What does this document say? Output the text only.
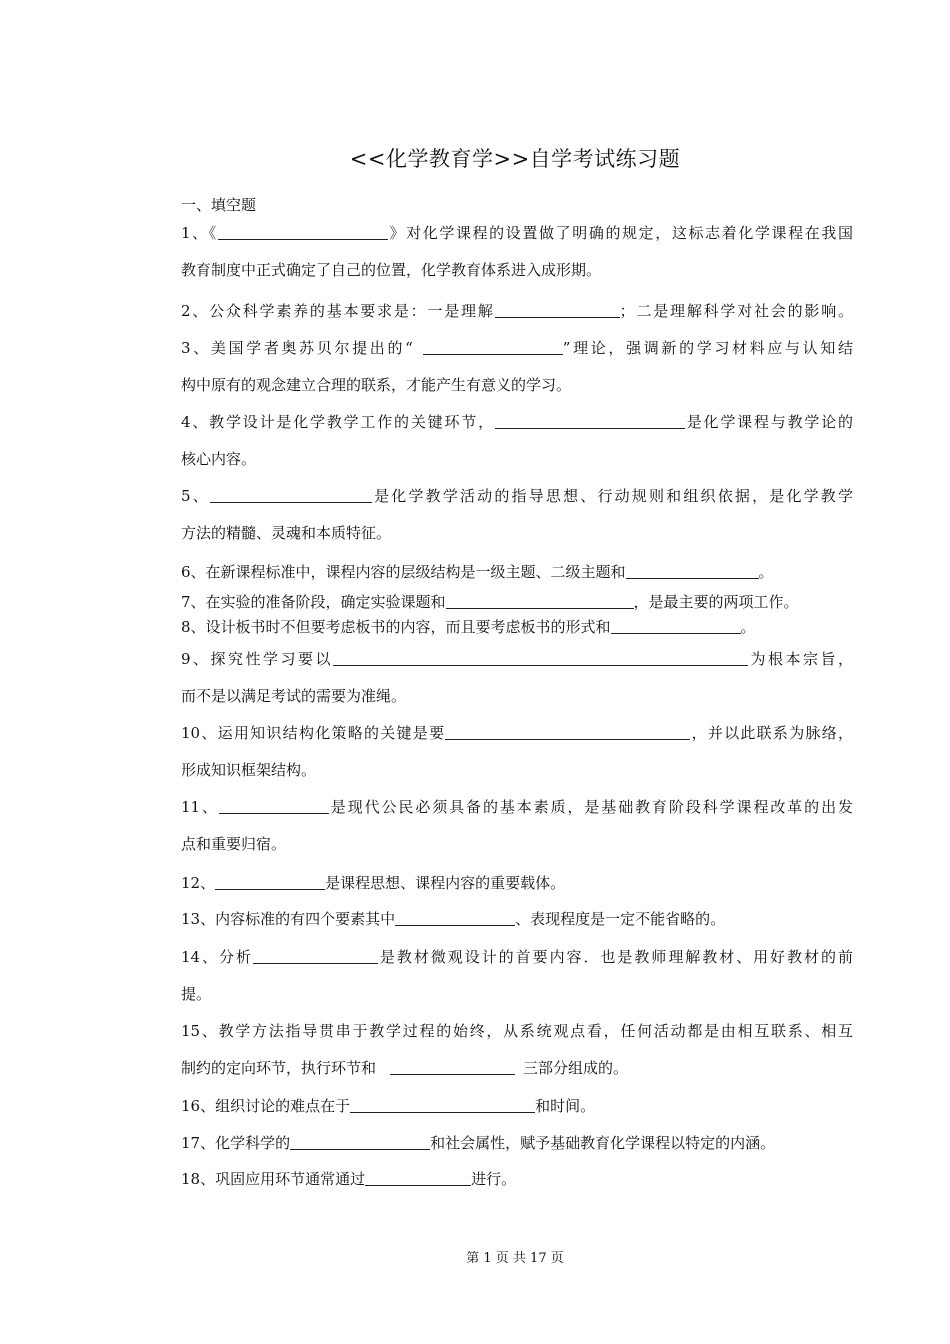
<<化学教育学>>自学考试练习题
一、填空题
1、《	》对化学课程的设置做了明确的规定，这标志着化学课程在我国
教育制度中正式确定了自己的位置，化学教育体系进入成形期。
2、公众科学素养的基本要求是：一是理解	；二是理解科学对社会的影响。
3、美国学者奥苏贝尔提出的“	”理论，强调新的学习材料应与认知结
构中原有的观念建立合理的联系，才能产生有意义的学习。
4、教学设计是化学教学工作的关键环节，	是化学课程与教学论的
核心内容。
5、	是化学教学活动的指导思想、行动规则和组织依据，是化学教学
方法的精髓、灵魂和本质特征。
6、在新课程标准中，课程内容的层级结构是一级主题、二级主题和	。
7、在实验的准备阶段，确定实验课题和	，是最主要的两项工作。
8、设计板书时不但要考虑板书的内容，而且要考虑板书的形式和	。
9、探究性学习要以	为根本宗旨，
而不是以满足考试的需要为准绳。
10、运用知识结构化策略的关键是要	，并以此联系为脉络，
形成知识框架结构。
11、	是现代公民必须具备的基本素质，是基础教育阶段科学课程改革的出发
点和重要归宿。
12、	是课程思想、课程内容的重要载体。
13、内容标准的有四个要素其中	、表现程度是一定不能省略的。
14、分析	是教材微观设计的首要内容．也是教师理解教材、用好教材的前
提。
15、教学方法指导贯串于教学过程的始终，从系统观点看，任何活动都是由相互联系、相互
制约的定向环节，执行环节和	三部分组成的。
16、组织讨论的难点在于	和时间。
17、化学科学的	和社会属性，赋予基础教育化学课程以特定的内涵。
18、巩固应用环节通常通过	进行。
第 1 页 共 17 页
